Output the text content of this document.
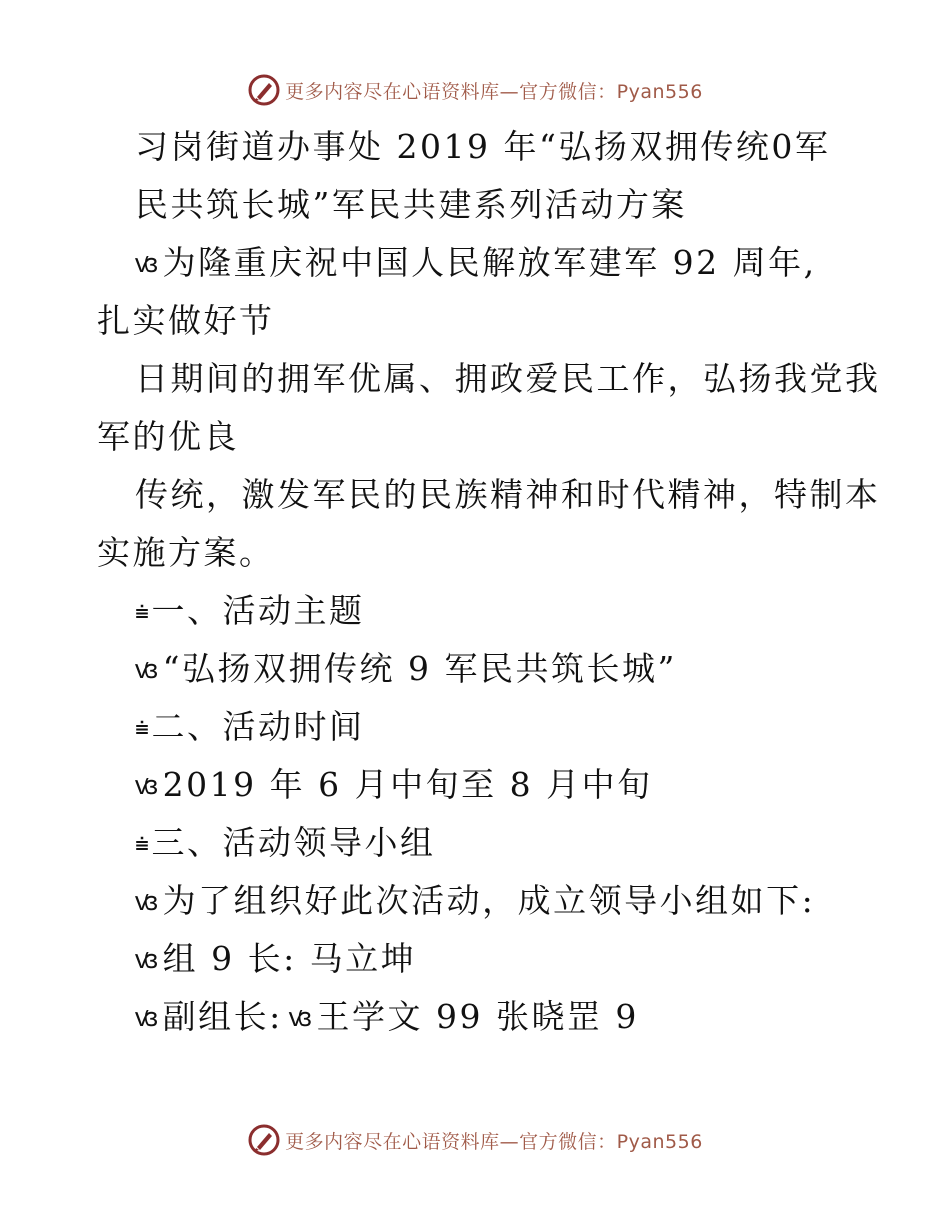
更多内容尽在心语资料库—官方微信：Pyan556
习岗街道办事处 2019 年“弘扬双拥传统0军
民共筑长城”军民共建系列活动方案
ꟃ为隆重庆祝中国人民解放军建军 92 周年,
扎实做好节
日期间的拥军优属、拥政爱民工作，弘扬我党我
军的优良
传统，激发军民的民族精神和时代精神，特制本
实施方案。
⩧一、活动主题
ꟃ“弘扬双拥传统 9 军民共筑长城”
⩧二、活动时间
ꟃ2019 年 6 月中旬至 8 月中旬
⩧三、活动领导小组
ꟃ为了组织好此次活动，成立领导小组如下:
ꟃ组 9 长: 马立坤
ꟃ副组长: ꟃ王学文 99 张晓罡 9
更多内容尽在心语资料库—官方微信：Pyan556
